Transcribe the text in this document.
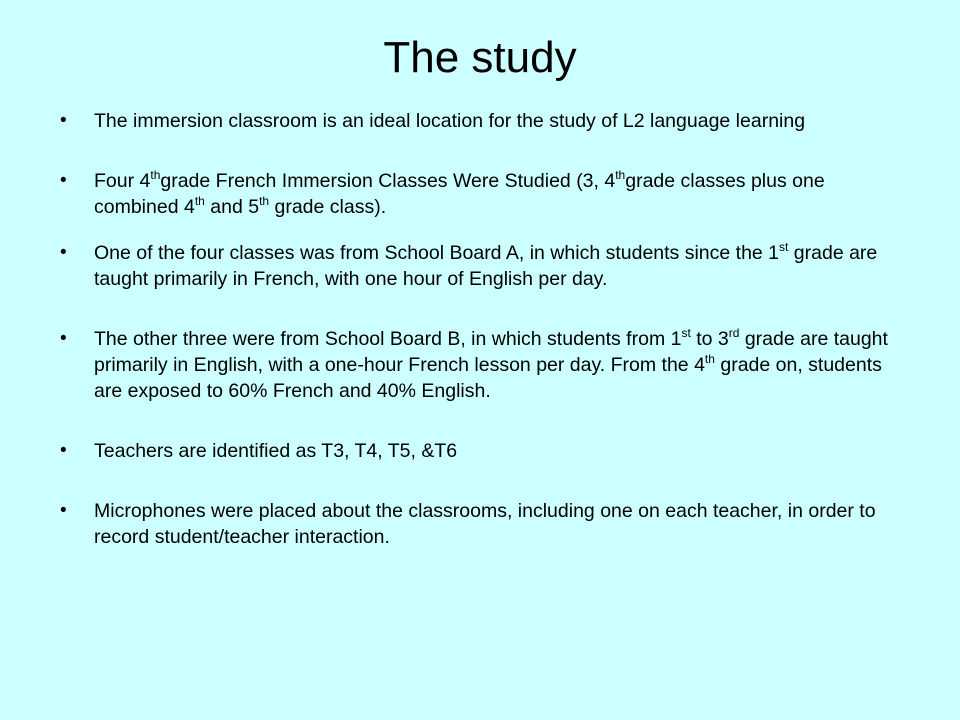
The study
•	The immersion classroom is an ideal location for the study of L2 language learning
•	Four 4thgrade French Immersion Classes Were Studied (3, 4thgrade classes plus one combined 4th and 5th grade class).
•	One of the four classes was from School Board A, in which students since the 1st grade are taught primarily in French, with one hour of English per day.
•	The other three were from School Board B, in which students from 1st to 3rd grade are taught primarily in English, with a one-hour French lesson per day. From the 4th grade on, students are exposed to 60% French and 40% English.
•	Teachers are identified as T3, T4, T5, &T6
•	Microphones were placed about the classrooms, including one on each teacher, in order to record student/teacher interaction.
